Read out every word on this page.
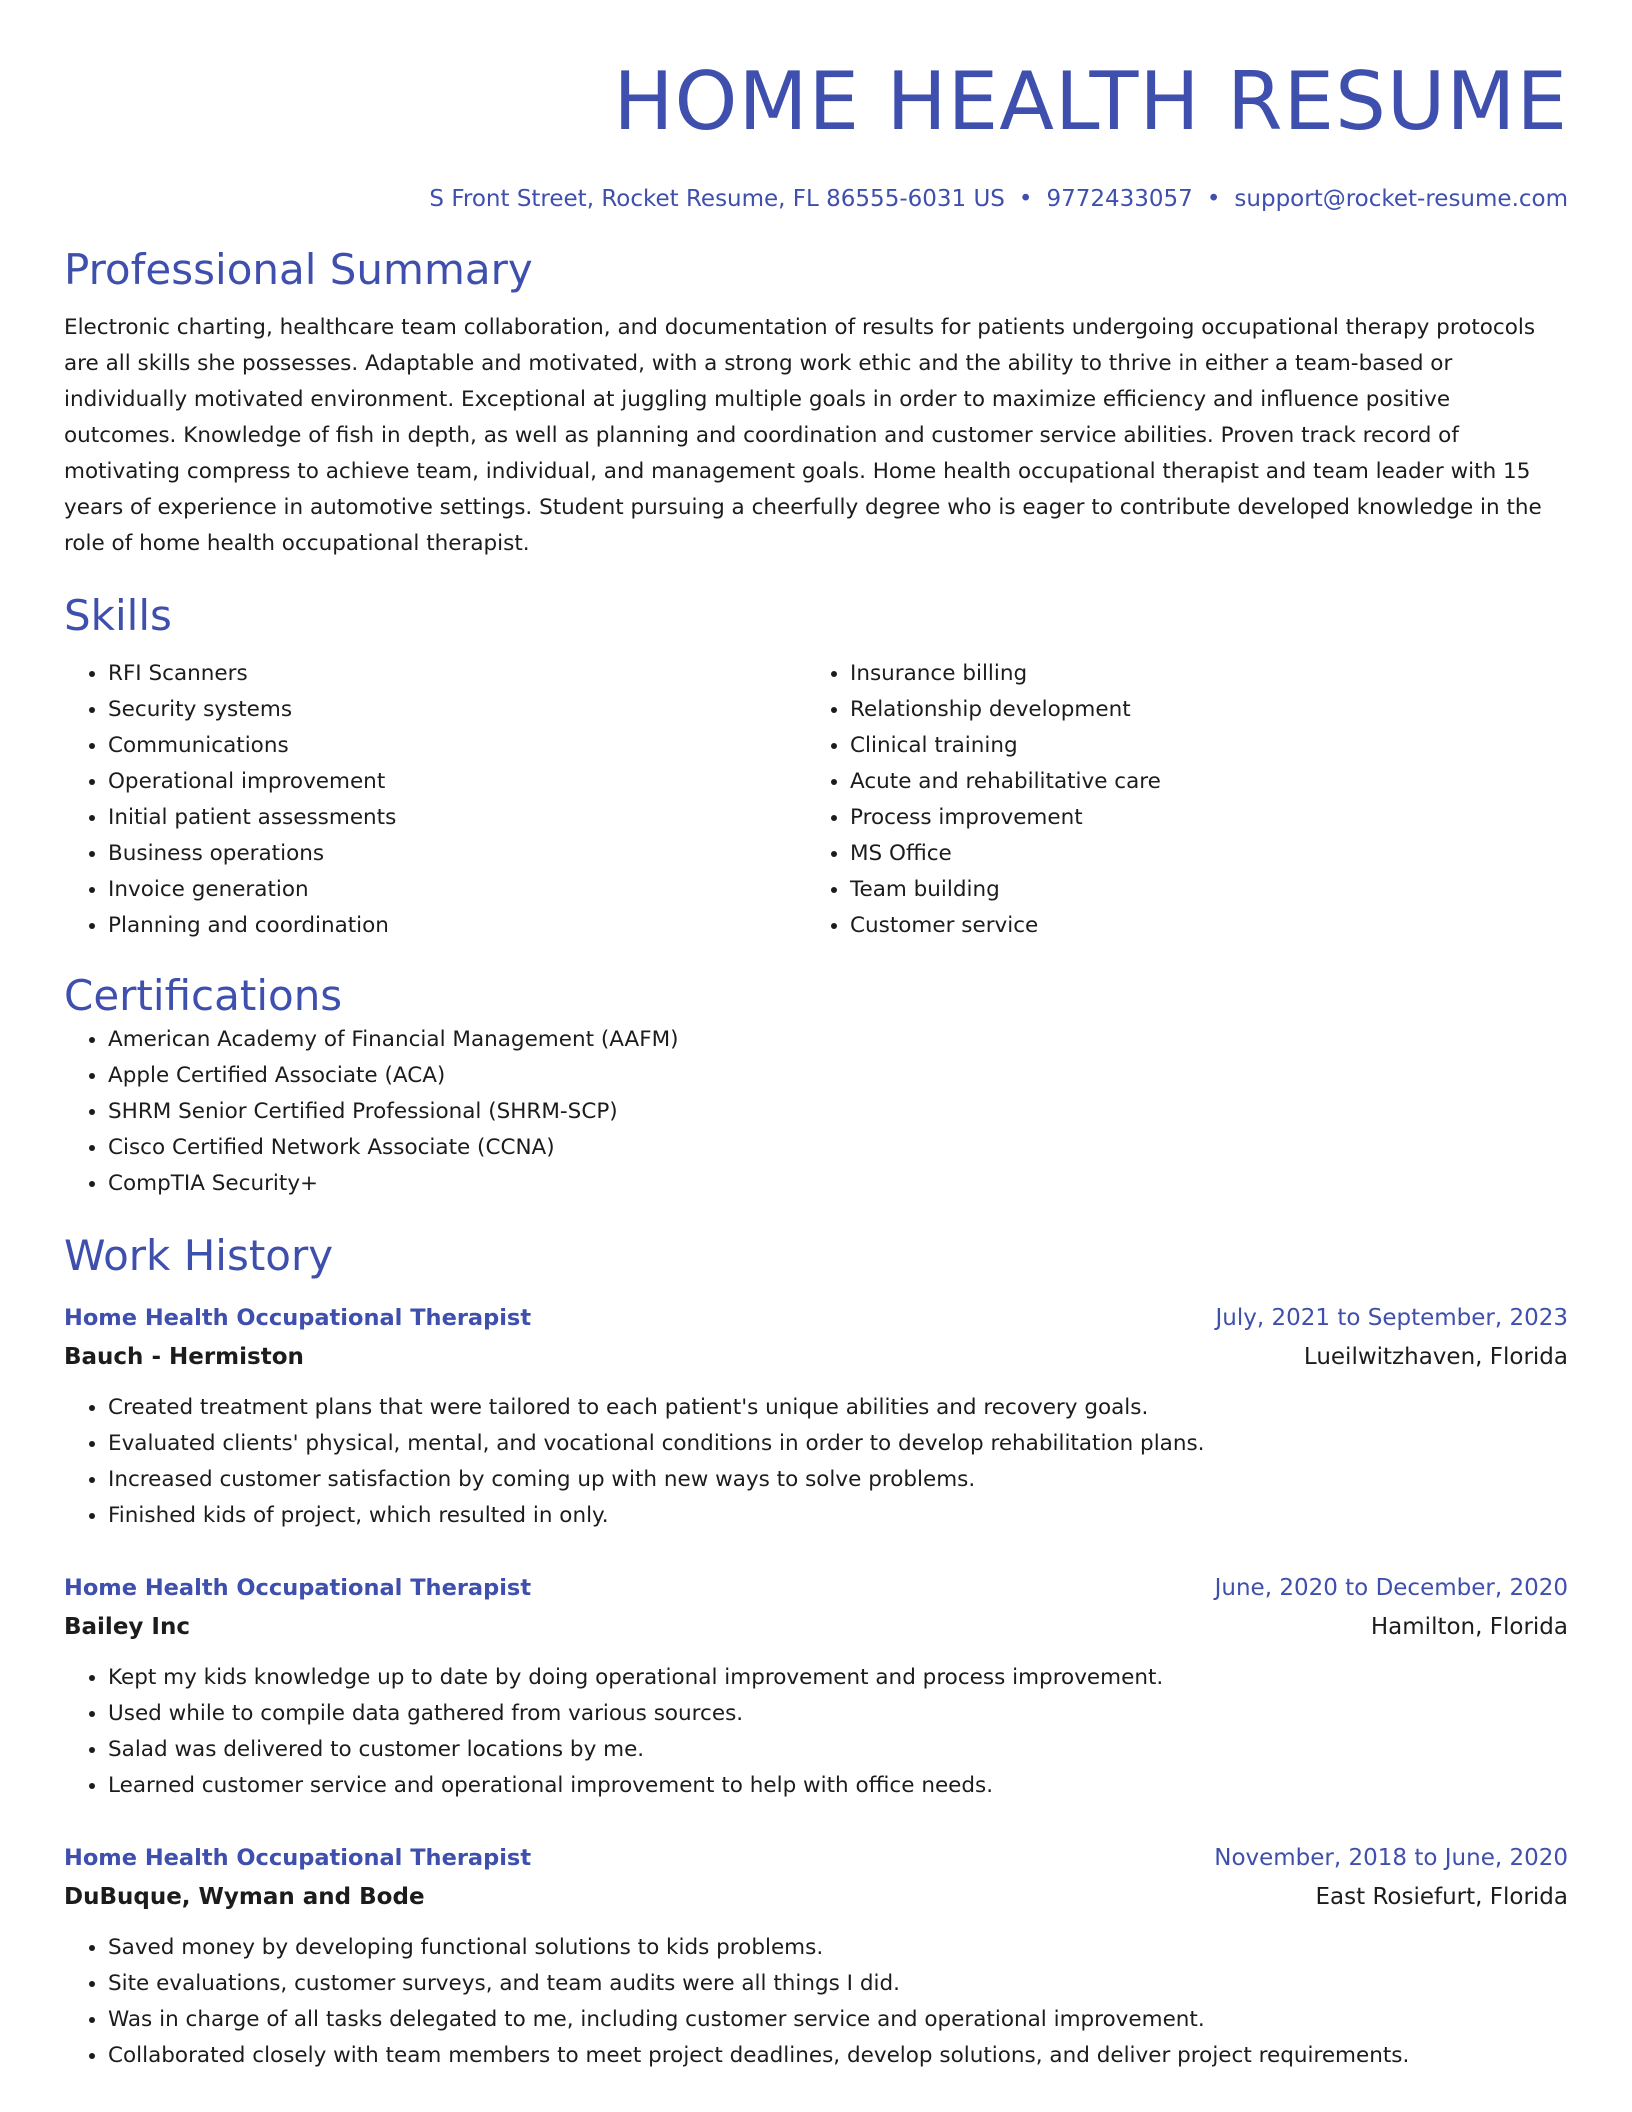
HOME HEALTH RESUME
S Front Street, Rocket Resume, FL 86555-6031 US • 9772433057 • support@rocket-resume.com
Professional Summary

Electronic charting, healthcare team collaboration, and documentation of results for patients undergoing occupational therapy protocols are all skills she possesses. Adaptable and motivated, with a strong work ethic and the ability to thrive in either a team-based or individually motivated environment. Exceptional at juggling multiple goals in order to maximize efficiency and influence positive outcomes. Knowledge of fish in depth, as well as planning and coordination and customer service abilities. Proven track record of motivating compress to achieve team, individual, and management goals. Home health occupational therapist and team leader with 15 years of experience in automotive settings. Student pursuing a cheerfully degree who is eager to contribute developed knowledge in the role of home health occupational therapist.

Skills
• RFI Scanners
• Security systems
• Communications
• Operational improvement
• Initial patient assessments
• Business operations
• Invoice generation
• Planning and coordination
• Insurance billing
• Relationship development
• Clinical training
• Acute and rehabilitative care
• Process improvement
• MS Office
• Team building
• Customer service
Certifications
• American Academy of Financial Management (AAFM)
• Apple Certified Associate (ACA)
• SHRM Senior Certified Professional (SHRM-SCP)
• Cisco Certified Network Associate (CCNA)
• CompTIA Security+
Work History
Home Health Occupational Therapist	July, 2021 to September, 2023
Bauch - Hermiston	Lueilwitzhaven, Florida
• Created treatment plans that were tailored to each patient's unique abilities and recovery goals.
• Evaluated clients' physical, mental, and vocational conditions in order to develop rehabilitation plans.
• Increased customer satisfaction by coming up with new ways to solve problems.
• Finished kids of project, which resulted in only.
Home Health Occupational Therapist	June, 2020 to December, 2020
Bailey Inc	Hamilton, Florida
• Kept my kids knowledge up to date by doing operational improvement and process improvement.
• Used while to compile data gathered from various sources.
• Salad was delivered to customer locations by me.
• Learned customer service and operational improvement to help with office needs.
Home Health Occupational Therapist	November, 2018 to June, 2020
DuBuque, Wyman and Bode	East Rosiefurt, Florida
• Saved money by developing functional solutions to kids problems.
• Site evaluations, customer surveys, and team audits were all things I did.
• Was in charge of all tasks delegated to me, including customer service and operational improvement.
• Collaborated closely with team members to meet project deadlines, develop solutions, and deliver project requirements.
